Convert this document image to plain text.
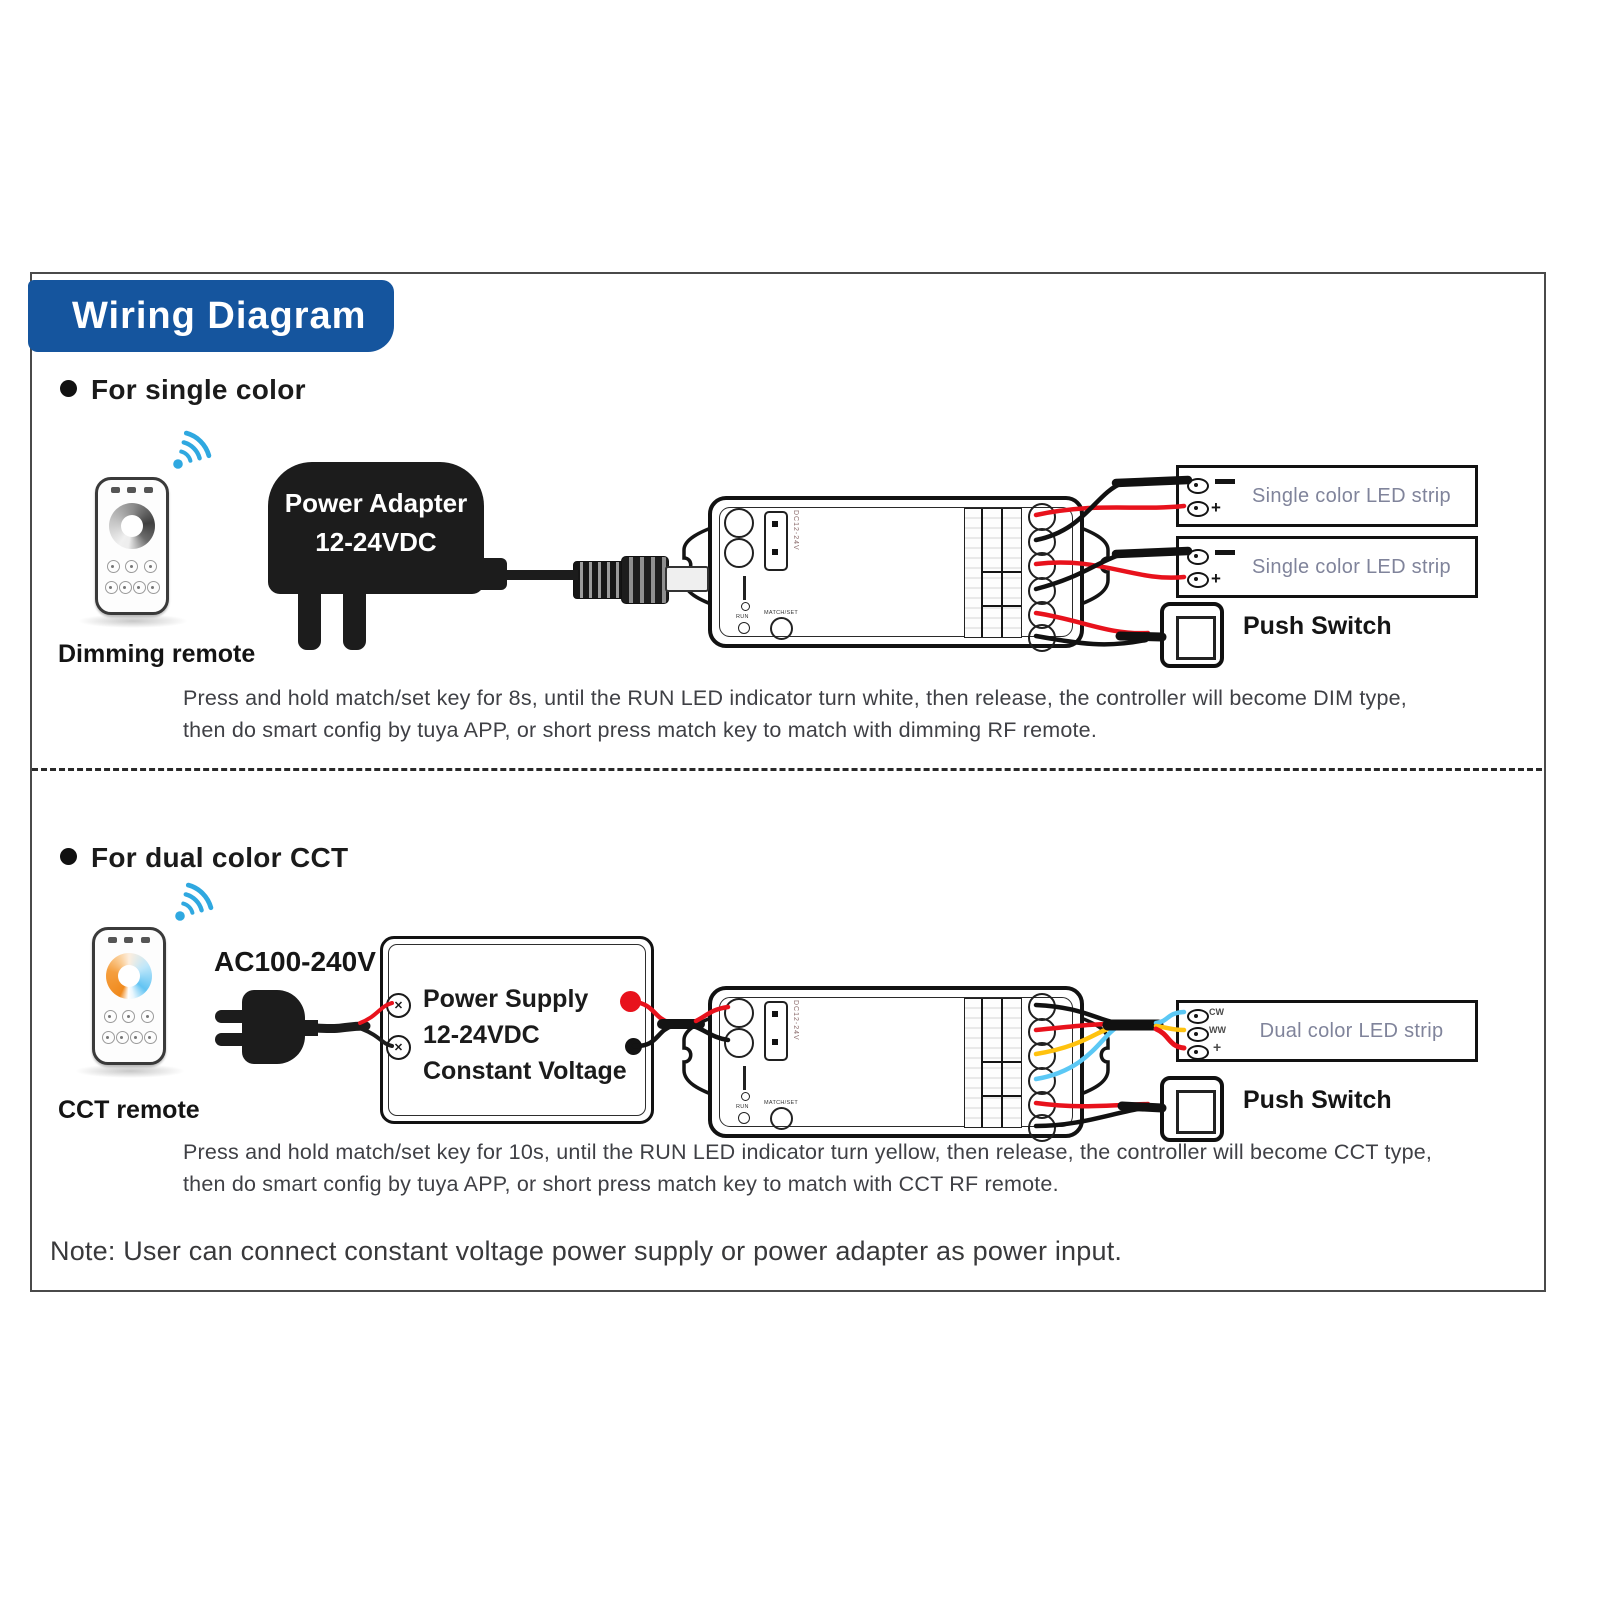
Wiring Diagram
For single color
Dimming remote
Power Adapter
12-24VDC	DC12-24V
RUN
MATCH/SET
+
Single color LED strip
+
Single color LED strip
Push Switch
Press and hold match/set key for 8s, until the RUN LED indicator turn white, then release, the controller will become DIM type,
then do smart config by tuya APP, or short press match key to match with dimming RF remote.
For dual color CCT
CCT remote
AC100-240V
Power Supply
12-24VDC
Constant Voltage
✕
✕
DC12-24V
RUN
MATCH/SET
CW
WW
+
Dual color LED strip
Push Switch
Press and hold match/set key for 10s, until the RUN LED indicator turn yellow, then release, the controller will become CCT type,
then do smart config by tuya APP, or short press match key to match with CCT RF remote.
Note: User can connect constant voltage power supply or power adapter as power input.
